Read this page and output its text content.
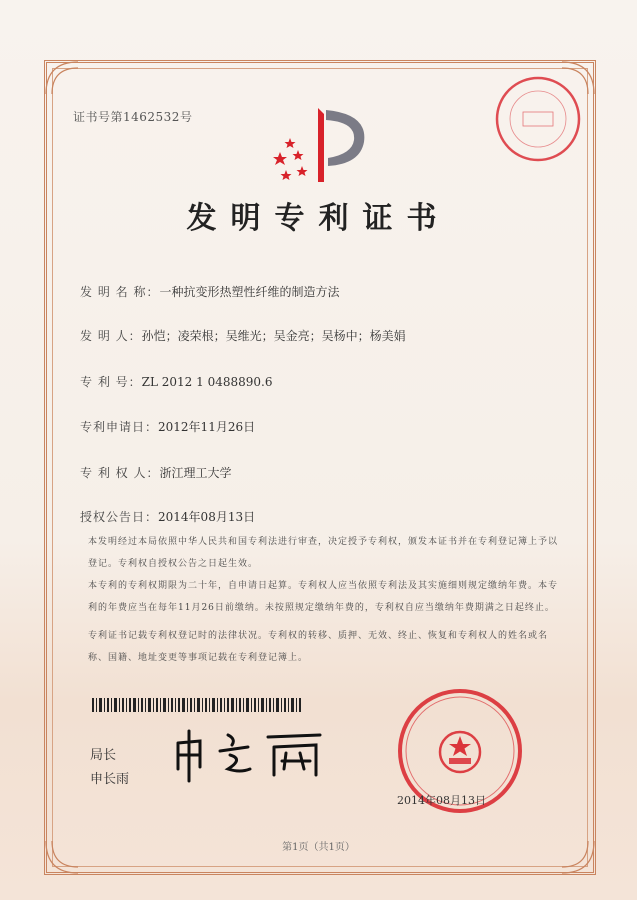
证书号第1462532号
发明专利证书
发 明 名 称：一种抗变形热塑性纤维的制造方法
发 明 人：孙恺；凌荣根；吴维光；吴金亮；吴杨中；杨美娟
专 利 号：ZL 2012 1 0488890.6
专利申请日：2012年11月26日
专 利 权 人：浙江理工大学
授权公告日：2014年08月13日
本发明经过本局依照中华人民共和国专利法进行审查，决定授予专利权，颁发本证书并在专利登记簿上予以登记。专利权自授权公告之日起生效。
本专利的专利权期限为二十年，自申请日起算。专利权人应当依照专利法及其实施细则规定缴纳年费。本专利的年费应当在每年11月26日前缴纳。未按照规定缴纳年费的，专利权自应当缴纳年费期满之日起终止。
专利证书记载专利权登记时的法律状况。专利权的转移、质押、无效、终止、恢复和专利权人的姓名或名称、国籍、地址变更等事项记载在专利登记簿上。
局长
申长雨
2014年08月13日
第1页（共1页）
